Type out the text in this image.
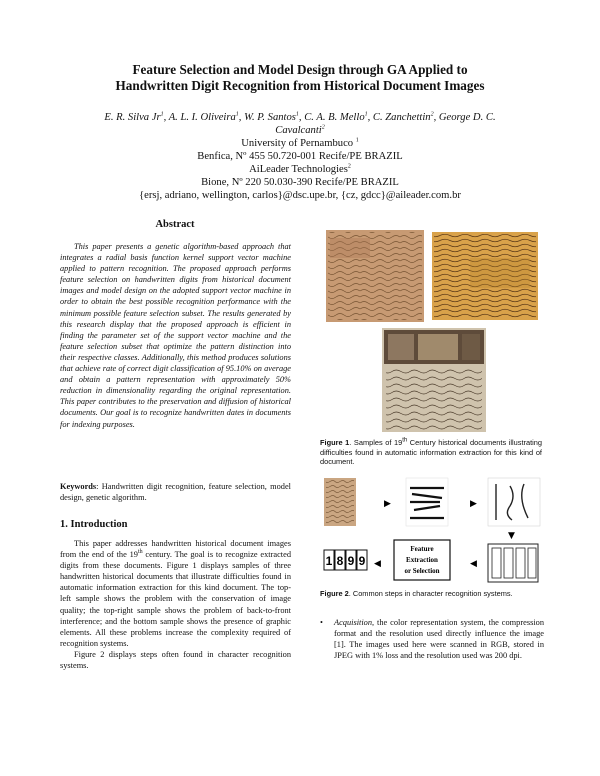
Feature Selection and Model Design through GA Applied to
Handwritten Digit Recognition from Historical Document Images
E. R. Silva Jr$^1$, A. L. I. Oliveira$^1$, W. P. Santos$^1$, C. A. B. Mello$^1$, C. Zanchettin$^2$, George D. C.
Cavalcanti$^2$
University of Pernambuco $^1$
Benfica, Nº 455 50.720-001 Recife/PE BRAZIL
AiLeader Technologies$^2$
Bione, Nº 220 50.030-390 Recife/PE BRAZIL
{ersj, adriano, wellington, carlos}@dsc.upe.br, {cz, gdcc}@aileader.com.br
Abstract
This paper presents a genetic algorithm-based approach that integrates a radial basis function kernel support vector machine applied to pattern recognition. The proposed approach performs feature selection on handwritten digits from historical document images and model design on the adopted support vector machine in order to obtain the best possible recognition performance with the minimum possible feature selection subset. The results generated by this research display that the proposed approach is efficient in finding the parameter set of the support vector machine and the feature selection subset that optimize the pattern distinction into their respective classes. Additionally, this method produces solutions that achieve rate of correct digit classification of 95.10% on average and obtain a pattern representation with approximately 50% reduction in dimensionality regarding the original representation. This paper contributes to the preservation and diffusion of historical documents. Our goal is to recognize handwritten dates in documents for indexing purposes.
Keywords: Handwritten digit recognition, feature selection, model design, genetic algorithm.
1. Introduction

This paper addresses handwritten historical document images from the end of the 19th century. The goal is to recognize extracted digits from these documents. Figure 1 displays samples of three handwritten historical documents that illustrate difficulties found in automatic information extraction for this kind document. The top-left sample shows the problem with the conservation of image quality; the top-right sample shows the problem of back-to-front interference; and the bottom sample shows the presence of graphic elements. All these problems increase the complexity required of recognition systems.

Figure 2 displays steps often found in character recognition systems.

Figure 1. Samples of 19th Century historical documents illustrating difficulties found in automatic information extraction for this kind of document.
▶	▶
▼
◀
Feature
Extraction
or Selection
◀
1 8 9 9
Figure 2. Common steps in character recognition systems.
• Acquisition, the color representation system, the compression format and the resolution used directly influence the image [1]. The images used here were scanned in RGB, stored in JPEG with 1% loss and the resolution used was 200 dpi.
